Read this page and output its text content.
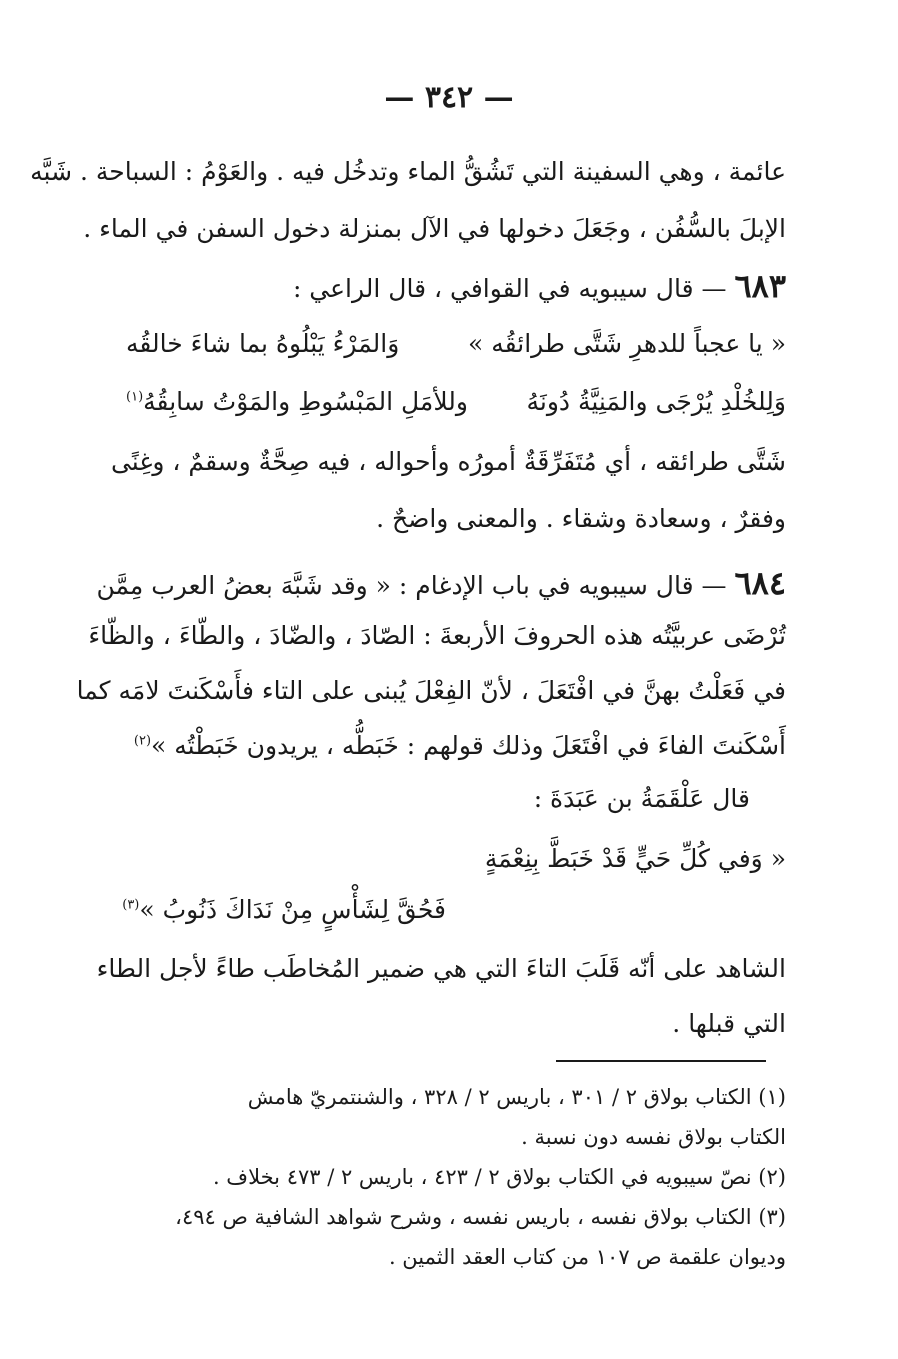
— ٣٤٢ —
عائمة ، وهي السفينة التي تَشُقُّ الماء وتدخُل فيه . والعَوْمُ : السباحة . شَبَّه
الإبلَ بالسُّفُن ، وجَعَلَ دخولها في الآل بمنزلة دخول السفن في الماء .
٦٨٣ — قال سيبويه في القوافي ، قال الراعي :
« يا عجباً للدهرِ شَتَّى طرائقُه »
وَالمَرْءُ يَبْلُوهُ بما شاءَ خالقُه
وَلِلخُلْدِ يُرْجَى والمَنِيَّةُ دُونَهُ
وللأمَلِ المَبْسُوطِ والمَوْتُ سابِقُهُ$^{(١)}$
شَتَّى طرائقه ، أي مُتَفَرِّقَةٌ أمورُه وأحواله ، فيه صِحَّةٌ وسقمٌ ، وغِنًى
وفقرٌ ، وسعادة وشقاء . والمعنى واضحٌ .
٦٨٤ — قال سيبويه في باب الإدغام : « وقد شَبَّهَ بعضُ العرب مِمَّن
تُرْضَى عربيَّتُه هذه الحروفَ الأربعةَ : الصّادَ ، والضّادَ ، والطّاءَ ، والظّاءَ
في فَعَلْتُ بهنَّ في افْتَعَلَ ، لأنّ الفِعْلَ يُبنى على التاء فأَسْكَنتَ لامَه كما
أَسْكَنتَ الفاءَ في افْتَعَلَ وذلك قولهم : خَبَطُّه ، يريدون خَبَطْتُه »$^{(٢)}$
قال عَلْقَمَةُ بن عَبَدَةَ :
« وَفي كُلِّ حَيٍّ قَدْ خَبَطَّ بِنِعْمَةٍ
فَحُقَّ لِشَأْسٍ مِنْ نَدَاكَ ذَنُوبُ »$^{(٣)}$
الشاهد على أنّه قَلَبَ التاءَ التي هي ضمير المُخاطَب طاءً لأجل الطاء
التي قبلها .
(١) الكتاب بولاق ٢ / ٣٠١ ، باريس ٢ / ٣٢٨ ، والشنتمريّ هامش
الكتاب بولاق نفسه دون نسبة .
(٢) نصّ سيبويه في الكتاب بولاق ٢ / ٤٢٣ ، باريس ٢ / ٤٧٣ بخلاف .
(٣) الكتاب بولاق نفسه ، باريس نفسه ، وشرح شواهد الشافية ص ٤٩٤،
وديوان علقمة ص ١٠٧ من كتاب العقد الثمين .
